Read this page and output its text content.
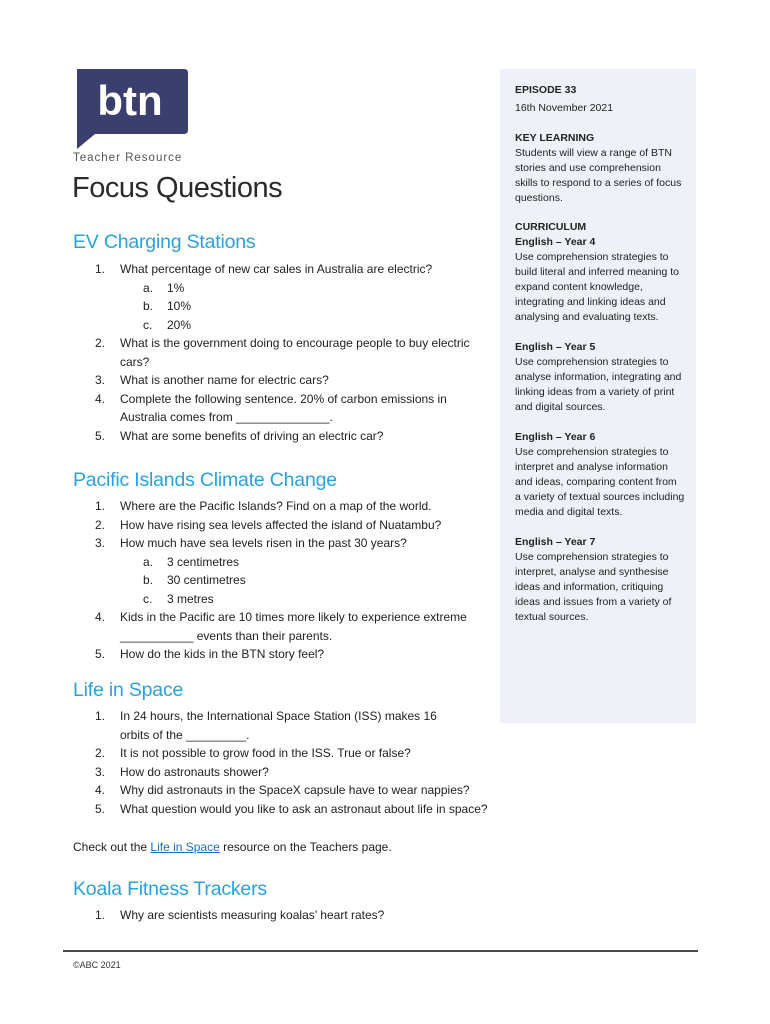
btn
Teacher Resource
Focus Questions
EV Charging Stations
1. What percentage of new car sales in Australia are electric?
a. 1%
b. 10%
c. 20%
2. What is the government doing to encourage people to buy electric cars?
3. What is another name for electric cars?
4. Complete the following sentence. 20% of carbon emissions in Australia comes from ______________.
5. What are some benefits of driving an electric car?
Pacific Islands Climate Change
1. Where are the Pacific Islands? Find on a map of the world.
2. How have rising sea levels affected the island of Nuatambu?
3. How much have sea levels risen in the past 30 years?
a. 3 centimetres
b. 30 centimetres
c. 3 metres
4. Kids in the Pacific are 10 times more likely to experience extreme ___________ events than their parents.
5. How do the kids in the BTN story feel?
Life in Space
1. In 24 hours, the International Space Station (ISS) makes 16 orbits of the _________.
2. It is not possible to grow food in the ISS. True or false?
3. How do astronauts shower?
4. Why did astronauts in the SpaceX capsule have to wear nappies?
5. What question would you like to ask an astronaut about life in space?
Check out the Life in Space resource on the Teachers page.
Koala Fitness Trackers
1. Why are scientists measuring koalas’ heart rates?
EPISODE 33
16th November 2021
KEY LEARNING
Students will view a range of BTN stories and use comprehension skills to respond to a series of focus questions.
CURRICULUM
English – Year 4
Use comprehension strategies to build literal and inferred meaning to expand content knowledge, integrating and linking ideas and analysing and evaluating texts.
English – Year 5
Use comprehension strategies to analyse information, integrating and linking ideas from a variety of print and digital sources.
English – Year 6
Use comprehension strategies to interpret and analyse information and ideas, comparing content from a variety of textual sources including media and digital texts.
English – Year 7
Use comprehension strategies to interpret, analyse and synthesise ideas and information, critiquing ideas and issues from a variety of textual sources.
©ABC 2021
